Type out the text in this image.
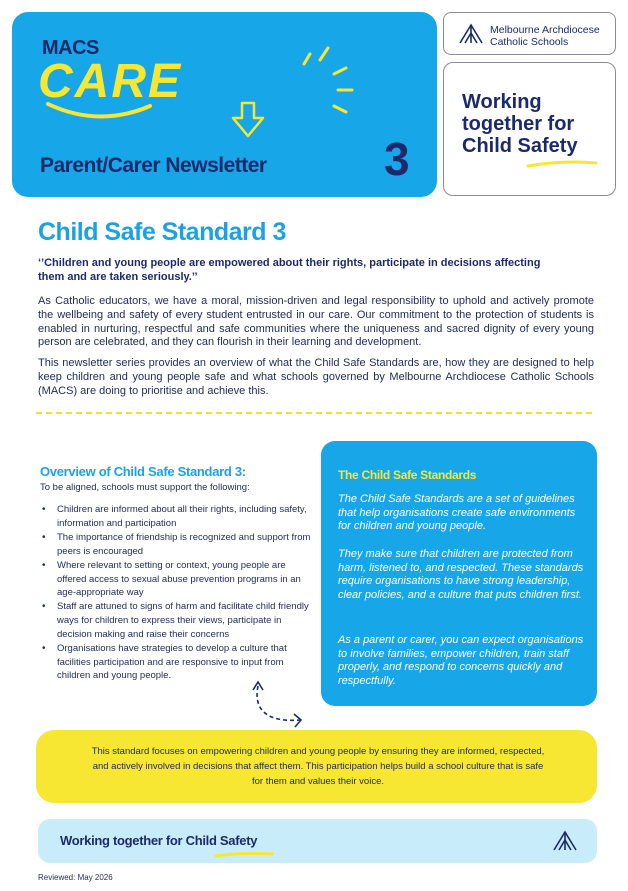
MACS
CARE
Parent/Carer Newsletter	3
Melbourne Archdiocese
Catholic Schools
Working together for Child Safety
Child Safe Standard 3
‘’Children and young people are empowered about their rights, participate in decisions affecting them and are taken seriously.’’

As Catholic educators, we have a moral, mission-driven and legal responsibility to uphold and actively promote the wellbeing and safety of every student entrusted in our care. Our commitment to the protection of students is enabled in nurturing, respectful and safe communities where the uniqueness and sacred dignity of every young person are celebrated, and they can flourish in their learning and development.

This newsletter series provides an overview of what the Child Safe Standards are, how they are designed to help keep children and young people safe and what schools governed by Melbourne Archdiocese Catholic Schools (MACS) are doing to prioritise and achieve this.

Overview of Child Safe Standard 3:
To be aligned, schools must support the following:
• Children are informed about all their rights, including safety, information and participation
• The importance of friendship is recognized and support from peers is encouraged
• Where relevant to setting or context, young people are offered access to sexual abuse prevention programs in an age-appropriate way
• Staff are attuned to signs of harm and facilitate child friendly ways for children to express their views, participate in decision making and raise their concerns
• Organisations have strategies to develop a culture that facilities participation and are responsive to input from children and young people.
The Child Safe Standards

The Child Safe Standards are a set of guidelines that help organisations create safe environments for children and young people.

They make sure that children are protected from harm, listened to, and respected. These standards require organisations to have strong leadership, clear policies, and a culture that puts children first.

As a parent or carer, you can expect organisations to involve families, empower children, train staff properly, and respond to concerns quickly and respectfully.

This standard focuses on empowering children and young people by ensuring they are informed, respected, and actively involved in decisions that affect them. This participation helps build a school culture that is safe for them and values their voice.

Working together for Child Safety
Reviewed: May 2026
